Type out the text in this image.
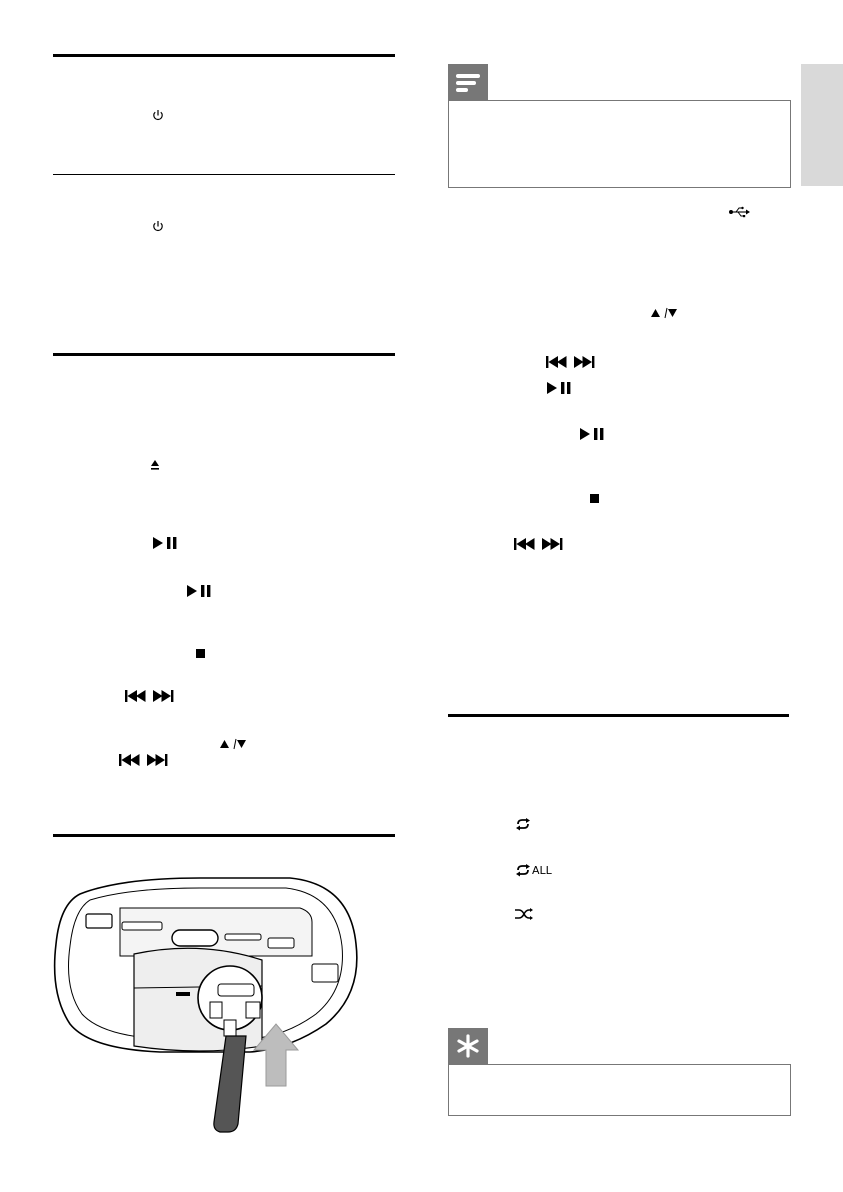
ALL
